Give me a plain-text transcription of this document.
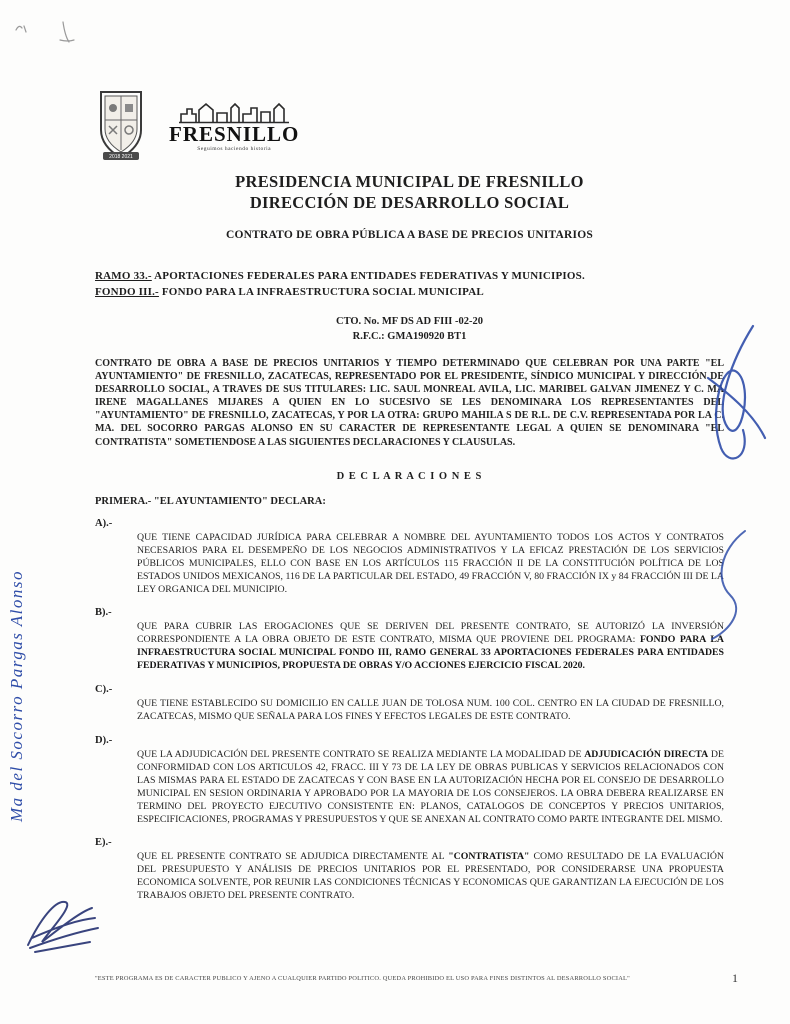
2018 2021
FRESNILLO
Seguimos haciendo historia
PRESIDENCIA MUNICIPAL DE FRESNILLO
DIRECCIÓN DE DESARROLLO SOCIAL
CONTRATO DE OBRA PÚBLICA A BASE DE PRECIOS UNITARIOS
RAMO 33.- APORTACIONES FEDERALES PARA ENTIDADES FEDERATIVAS Y MUNICIPIOS.
FONDO III.- FONDO PARA LA INFRAESTRUCTURA SOCIAL MUNICIPAL
CTO. No. MF DS AD FIII -02-20
R.F.C.: GMA190920 BT1

CONTRATO DE OBRA A BASE DE PRECIOS UNITARIOS Y TIEMPO DETERMINADO QUE CELEBRAN POR UNA PARTE "EL AYUNTAMIENTO" DE FRESNILLO, ZACATECAS, REPRESENTADO POR EL PRESIDENTE, SÍNDICO MUNICIPAL Y DIRECCIÓN DE DESARROLLO SOCIAL, A TRAVES DE SUS TITULARES: LIC. SAUL MONREAL AVILA, LIC. MARIBEL GALVAN JIMENEZ Y C. MA IRENE MAGALLANES MIJARES A QUIEN EN LO SUCESIVO SE LES DENOMINARA LOS REPRESENTANTES DEL "AYUNTAMIENTO" DE FRESNILLO, ZACATECAS, Y POR LA OTRA: GRUPO MAHILA S DE R.L. DE C.V. REPRESENTADA POR LA C. MA. DEL SOCORRO PARGAS ALONSO EN SU CARACTER DE REPRESENTANTE LEGAL A QUIEN SE DENOMINARA "EL CONTRATISTA" SOMETIENDOSE A LAS SIGUIENTES DECLARACIONES Y CLAUSULAS.

D E C L A R A C I O N E S
PRIMERA.- "EL AYUNTAMIENTO" DECLARA:
A).-
QUE TIENE CAPACIDAD JURÍDICA PARA CELEBRAR A NOMBRE DEL AYUNTAMIENTO TODOS LOS ACTOS Y CONTRATOS NECESARIOS PARA EL DESEMPEÑO DE LOS NEGOCIOS ADMINISTRATIVOS Y LA EFICAZ PRESTACIÓN DE LOS SERVICIOS PÚBLICOS MUNICIPALES, ELLO CON BASE EN LOS ARTÍCULOS 115 FRACCIÓN II DE LA CONSTITUCIÓN POLÍTICA DE LOS ESTADOS UNIDOS MEXICANOS, 116 DE LA PARTICULAR DEL ESTADO, 49 FRACCIÓN V, 80 FRACCIÓN IX y 84 FRACCIÓN III DE LA LEY ORGANICA DEL MUNICIPIO.
B).-
QUE PARA CUBRIR LAS EROGACIONES QUE SE DERIVEN DEL PRESENTE CONTRATO, SE AUTORIZÓ LA INVERSIÓN CORRESPONDIENTE A LA OBRA OBJETO DE ESTE CONTRATO, MISMA QUE PROVIENE DEL PROGRAMA: FONDO PARA LA INFRAESTRUCTURA SOCIAL MUNICIPAL FONDO III, RAMO GENERAL 33 APORTACIONES FEDERALES PARA ENTIDADES FEDERATIVAS Y MUNICIPIOS, PROPUESTA DE OBRAS Y/O ACCIONES EJERCICIO FISCAL 2020.
C).-
QUE TIENE ESTABLECIDO SU DOMICILIO EN CALLE JUAN DE TOLOSA NUM. 100 COL. CENTRO EN LA CIUDAD DE FRESNILLO, ZACATECAS, MISMO QUE SEÑALA PARA LOS FINES Y EFECTOS LEGALES DE ESTE CONTRATO.
D).-
QUE LA ADJUDICACIÓN DEL PRESENTE CONTRATO SE REALIZA MEDIANTE LA MODALIDAD DE ADJUDICACIÓN DIRECTA DE CONFORMIDAD CON LOS ARTICULOS 42, FRACC. III Y 73 DE LA LEY DE OBRAS PUBLICAS Y SERVICIOS RELACIONADOS CON LAS MISMAS PARA EL ESTADO DE ZACATECAS Y CON BASE EN LA AUTORIZACIÓN HECHA POR EL CONSEJO DE DESARROLLO MUNICIPAL EN SESION ORDINARIA Y APROBADO POR LA MAYORIA DE LOS CONSEJEROS. LA OBRA DEBERA REALIZARSE EN TERMINO DEL PROYECTO EJECUTIVO CONSISTENTE EN: PLANOS, CATALOGOS DE CONCEPTOS Y PRECIOS UNITARIOS, ESPECIFICACIONES, PROGRAMAS Y PRESUPUESTOS Y QUE SE ANEXAN AL CONTRATO COMO PARTE INTEGRANTE DEL MISMO.
E).-
QUE EL PRESENTE CONTRATO SE ADJUDICA DIRECTAMENTE AL "CONTRATISTA" COMO RESULTADO DE LA EVALUACIÓN DEL PRESUPUESTO Y ANÁLISIS DE PRECIOS UNITARIOS POR EL PRESENTADO, POR CONSIDERARSE UNA PROPUESTA ECONOMICA SOLVENTE, POR REUNIR LAS CONDICIONES TÉCNICAS Y ECONOMICAS QUE GARANTIZAN LA EJECUCIÓN DE LOS TRABAJOS OBJETO DEL PRESENTE CONTRATO.
Ma del Socorro Pargas Alonso
"ESTE PROGRAMA ES DE CARACTER PUBLICO Y AJENO A CUALQUIER PARTIDO POLITICO. QUEDA PROHIBIDO EL USO PARA FINES DISTINTOS AL DESARROLLO SOCIAL"	1
